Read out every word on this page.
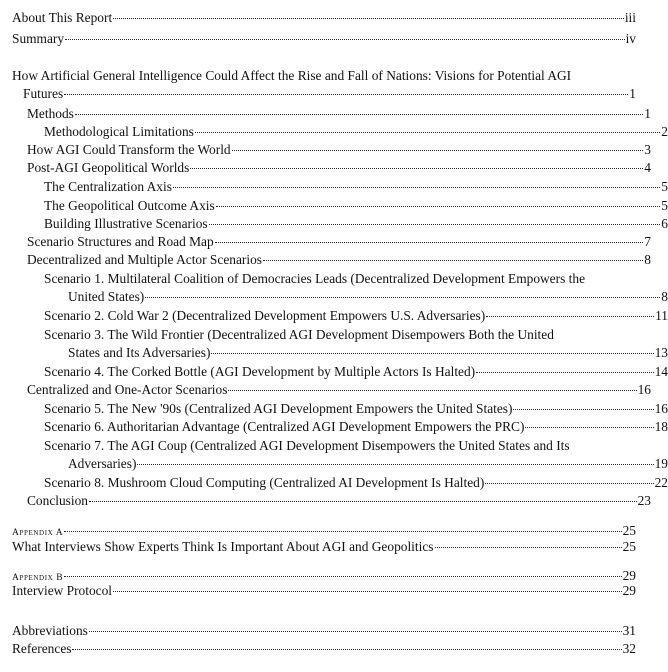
About This Report	iii
Summary	iv
How Artificial General Intelligence Could Affect the Rise and Fall of Nations: Visions for Potential AGI
Futures	1
Methods	1
Methodological Limitations	2
How AGI Could Transform the World	3
Post-AGI Geopolitical Worlds	4
The Centralization Axis	5
The Geopolitical Outcome Axis	5
Building Illustrative Scenarios	6
Scenario Structures and Road Map	7
Decentralized and Multiple Actor Scenarios	8
Scenario 1. Multilateral Coalition of Democracies Leads (Decentralized Development Empowers the
United States)	8
Scenario 2. Cold War 2 (Decentralized Development Empowers U.S. Adversaries)	11
Scenario 3. The Wild Frontier (Decentralized AGI Development Disempowers Both the United
States and Its Adversaries)	13
Scenario 4. The Corked Bottle (AGI Development by Multiple Actors Is Halted)	14
Centralized and One-Actor Scenarios	16
Scenario 5. The New '90s (Centralized AGI Development Empowers the United States)	16
Scenario 6. Authoritarian Advantage (Centralized AGI Development Empowers the PRC)	18
Scenario 7. The AGI Coup (Centralized AGI Development Disempowers the United States and Its
Adversaries)	19
Scenario 8. Mushroom Cloud Computing (Centralized AI Development Is Halted)	22
Conclusion	23
Appendix A	25
What Interviews Show Experts Think Is Important About AGI and Geopolitics	25
Appendix B	29
Interview Protocol	29
Abbreviations	31
References	32
